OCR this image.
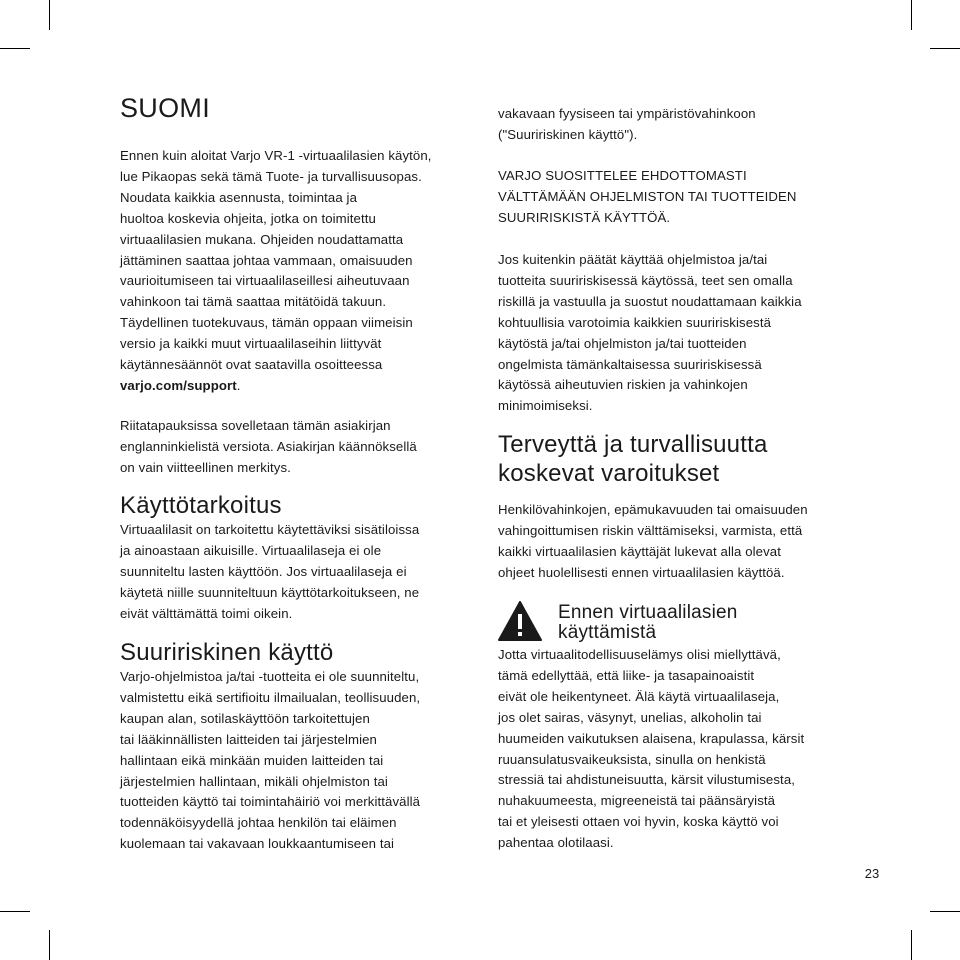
SUOMI

Ennen kuin aloitat Varjo VR-1 -virtuaalilasien käytön,
lue Pikaopas sekä tämä Tuote- ja turvallisuusopas.
Noudata kaikkia asennusta, toimintaa ja
huoltoa koskevia ohjeita, jotka on toimitettu
virtuaalilasien mukana. Ohjeiden noudattamatta
jättäminen saattaa johtaa vammaan, omaisuuden
vaurioitumiseen tai virtuaalilaseillesi aiheutuvaan
vahinkoon tai tämä saattaa mitätöidä takuun.
Täydellinen tuotekuvaus, tämän oppaan viimeisin
versio ja kaikki muut virtuaalilaseihin liittyvät
käytännesäännöt ovat saatavilla osoitteessa
varjo.com/support.

Riitatapauksissa sovelletaan tämän asiakirjan
englanninkielistä versiota. Asiakirjan käännöksellä
on vain viitteellinen merkitys.

Käyttötarkoitus

Virtuaalilasit on tarkoitettu käytettäviksi sisätiloissa
ja ainoastaan aikuisille. Virtuaalilaseja ei ole
suunniteltu lasten käyttöön. Jos virtuaalilaseja ei
käytetä niille suunniteltuun käyttötarkoitukseen, ne
eivät välttämättä toimi oikein.

Suuririskinen käyttö

Varjo-ohjelmistoa ja/tai -tuotteita ei ole suunniteltu,
valmistettu eikä sertifioitu ilmailualan, teollisuuden,
kaupan alan, sotilaskäyttöön tarkoitettujen
tai lääkinnällisten laitteiden tai järjestelmien
hallintaan eikä minkään muiden laitteiden tai
järjestelmien hallintaan, mikäli ohjelmiston tai
tuotteiden käyttö tai toimintahäiriö voi merkittävällä
todennäköisyydellä johtaa henkilön tai eläimen
kuolemaan tai vakavaan loukkaantumiseen tai

vakavaan fyysiseen tai ympäristövahinkoon
("Suuririskinen käyttö").

VARJO SUOSITTELEE EHDOTTOMASTI
VÄLTTÄMÄÄN OHJELMISTON TAI TUOTTEIDEN
SUURIRISKISTÄ KÄYTTÖÄ.

Jos kuitenkin päätät käyttää ohjelmistoa ja/tai
tuotteita suuririskisessä käytössä, teet sen omalla
riskillä ja vastuulla ja suostut noudattamaan kaikkia
kohtuullisia varotoimia kaikkien suuririskisestä
käytöstä ja/tai ohjelmiston ja/tai tuotteiden
ongelmista tämänkaltaisessa suuririskisessä
käytössä aiheutuvien riskien ja vahinkojen
minimoimiseksi.

Terveyttä ja turvallisuutta
koskevat varoitukset

Henkilövahinkojen, epämukavuuden tai omaisuuden
vahingoittumisen riskin välttämiseksi, varmista, että
kaikki virtuaalilasien käyttäjät lukevat alla olevat
ohjeet huolellisesti ennen virtuaalilasien käyttöä.

Ennen virtuaalilasien
käyttämistä

Jotta virtuaalitodellisuuselämys olisi miellyttävä,
tämä edellyttää, että liike- ja tasapainoaistit
eivät ole heikentyneet. Älä käytä virtuaalilaseja,
jos olet sairas, väsynyt, unelias, alkoholin tai
huumeiden vaikutuksen alaisena, krapulassa, kärsit
ruuansulatusvaikeuksista, sinulla on henkistä
stressiä tai ahdistuneisuutta, kärsit vilustumisesta,
nuhakuumeesta, migreeneistä tai päänsäryistä
tai et yleisesti ottaen voi hyvin, koska käyttö voi
pahentaa olotilaasi.

23
